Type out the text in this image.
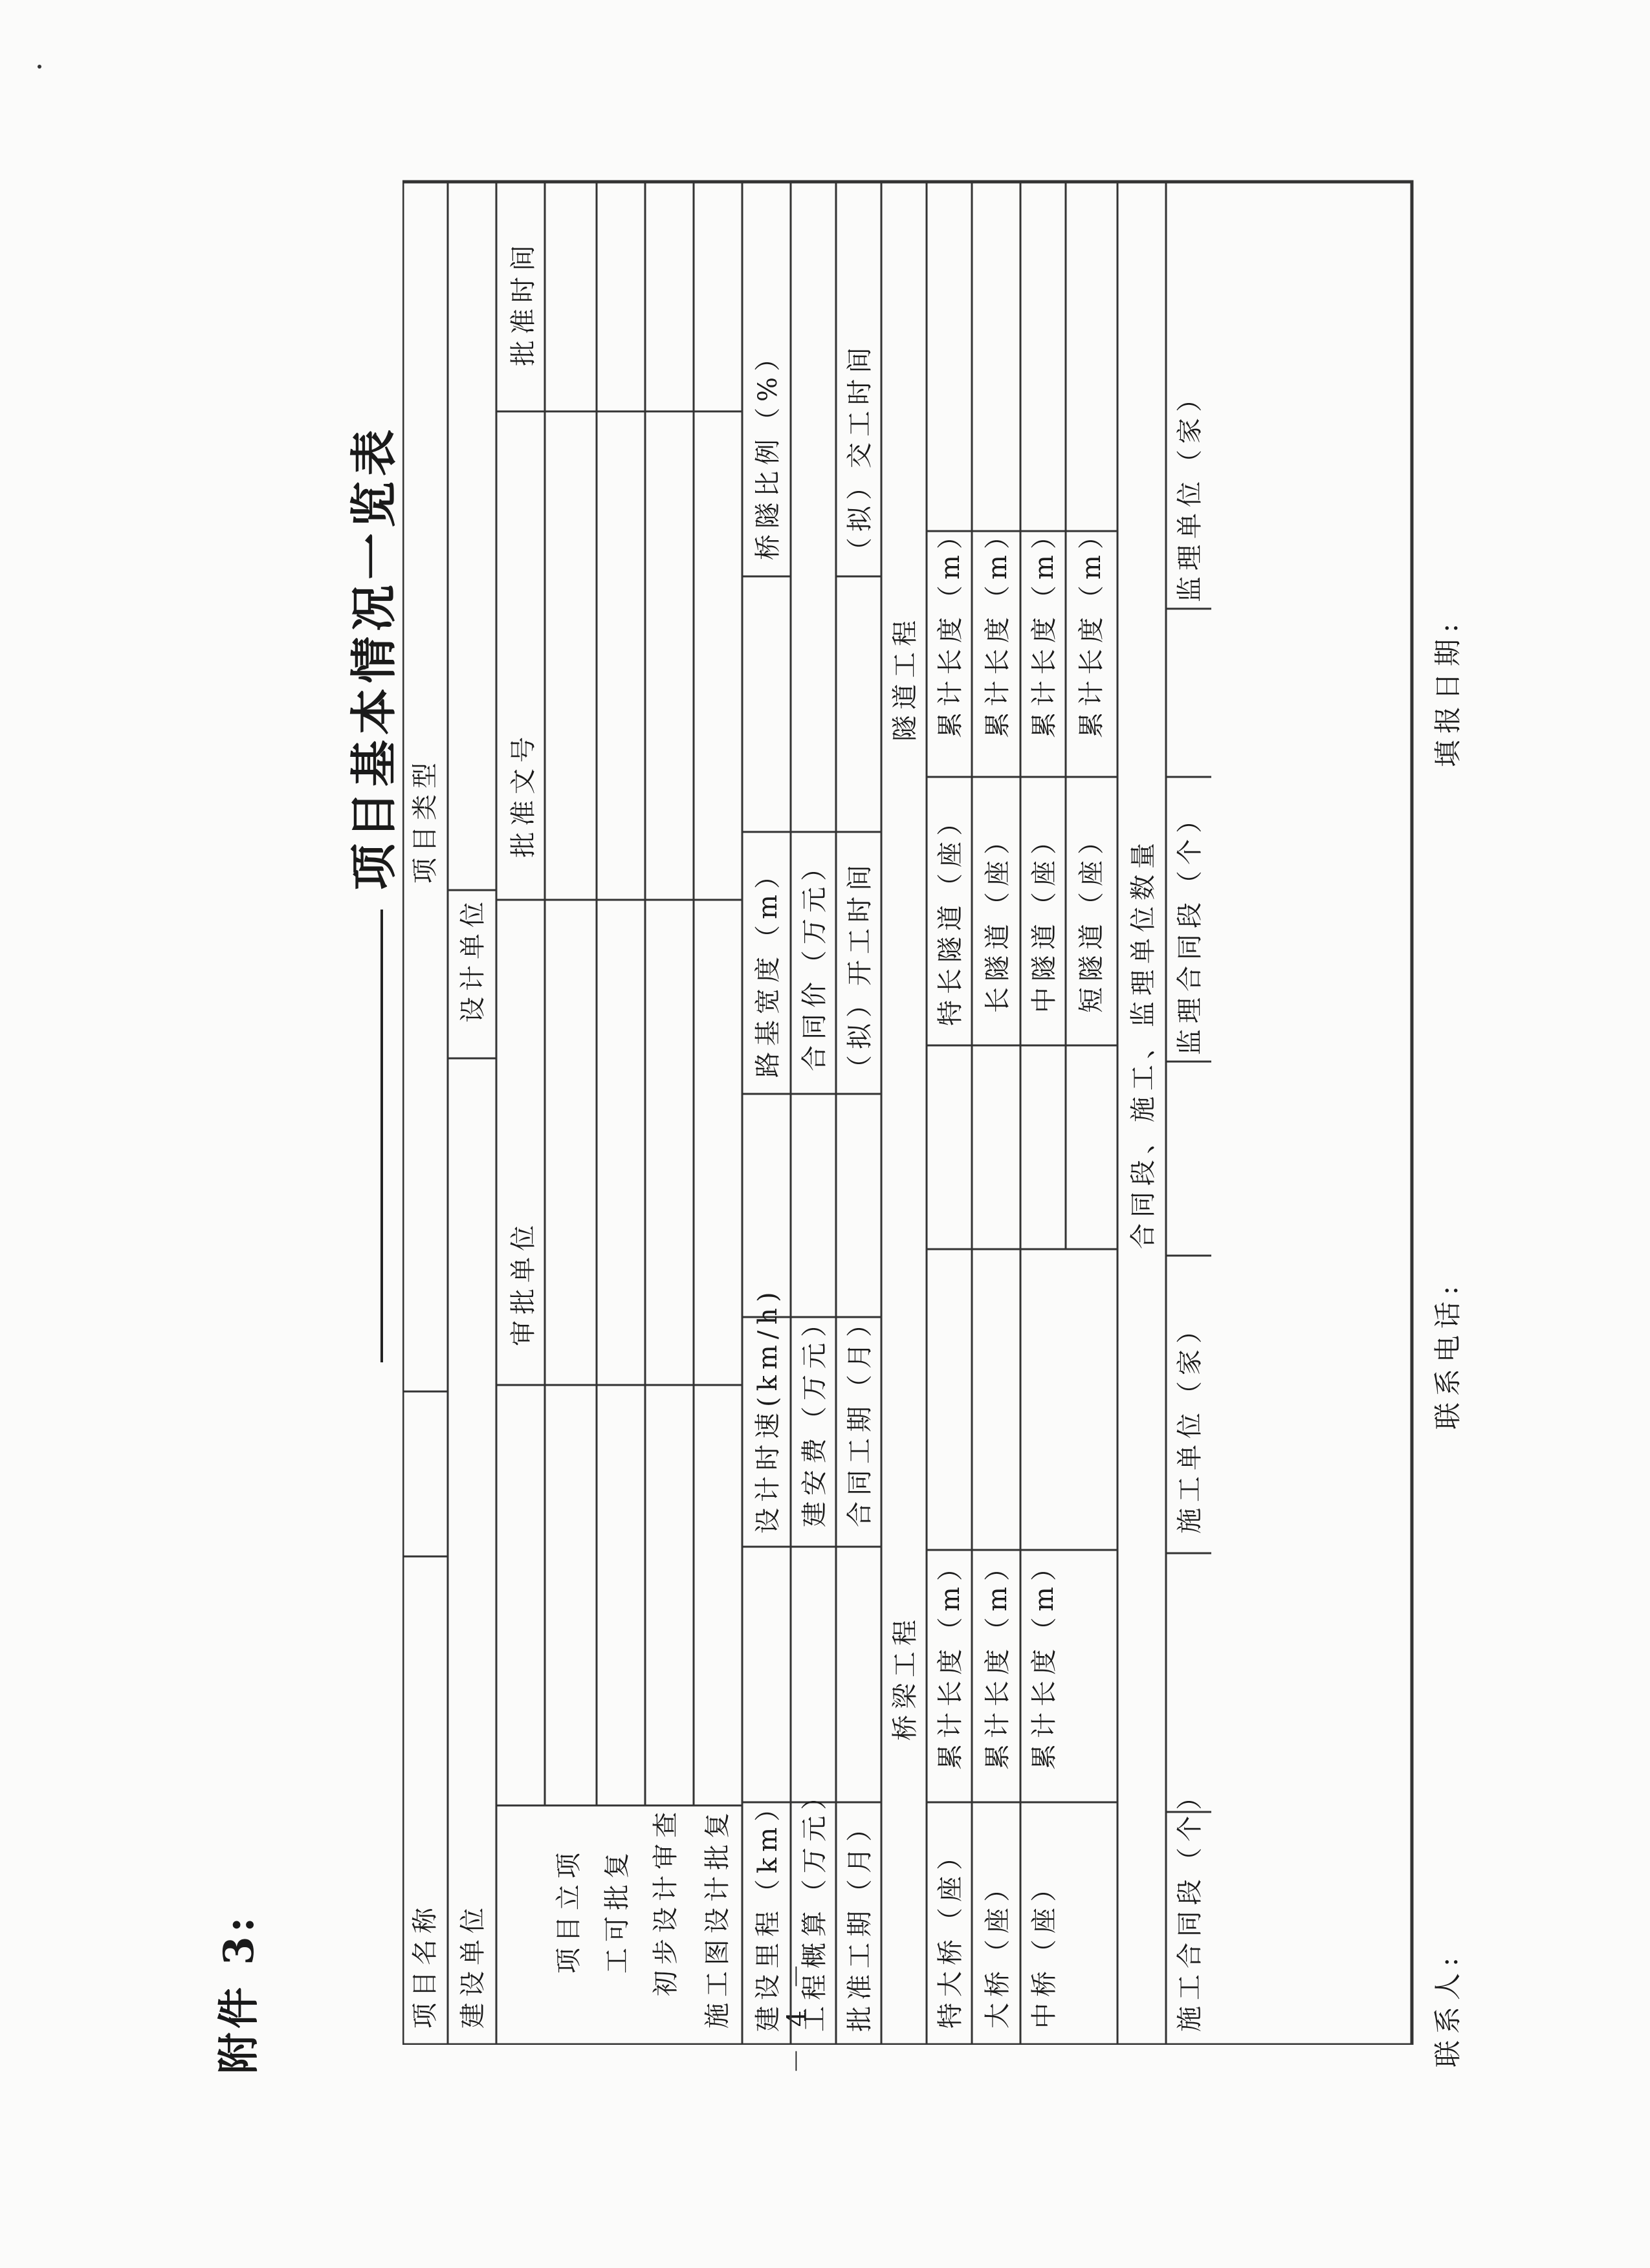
附件 3:
项目基本情况一览表
－ 4 －
项目名称
项目类型
建设单位
设计单位
审批单位
批准文号
批准时间
项目立项 工可批复 初步设计审查 施工图设计批复 建设里程（km）
设计时速(km/h)
路基宽度（m）
桥隧比例（%）
工程概算（万元）
建安费（万元）
合同价（万元）
批准工期（月）
合同工期（月）
（拟）开工时间
（拟）交工时间
桥梁工程
隧道工程
特大桥（座）
累计长度（m）
大桥（座）
累计长度（m）
中桥（座）
累计长度（m）
特长隧道（座）
累计长度（m）
长隧道（座）
累计长度（m）
中隧道（座）
累计长度（m）
短隧道（座）
累计长度（m）
合同段、施工、监理单位数量
施工合同段（个）
施工单位（家）
监理合同段（个）
监理单位（家）
联系人:
联系电话:
填报日期:
